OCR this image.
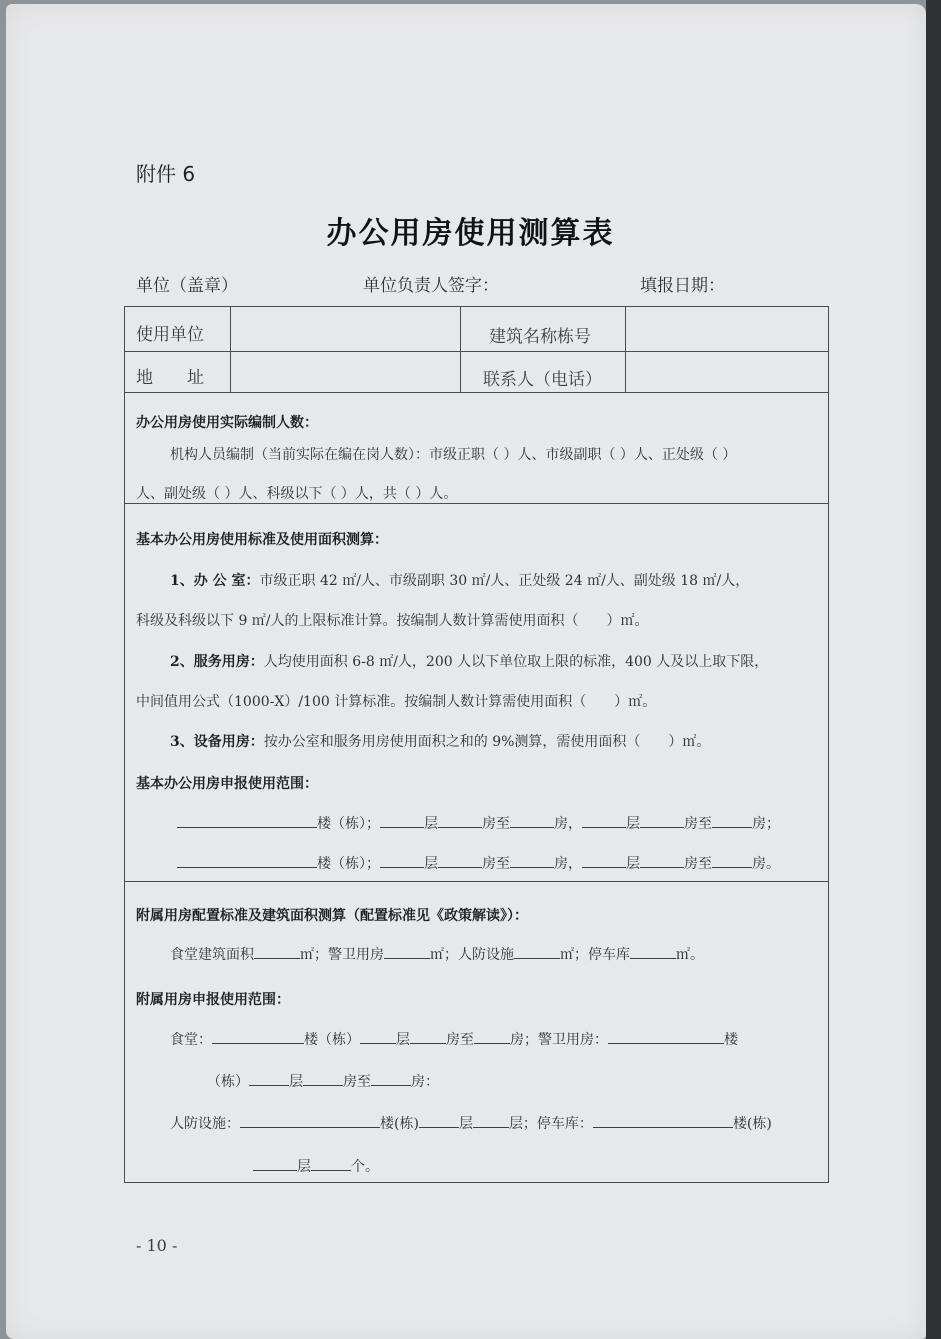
附件 6
办公用房使用测算表
单位（盖章）	单位负责人签字：	填报日期：
使用单位	建筑名称栋号
地　　址	联系人（电话）
办公用房使用实际编制人数：
机构人员编制（当前实际在编在岗人数）：市级正职（ ）人、市级副职（ ）人、正处级（ ）
人、副处级（ ）人、科级以下（ ）人，共（ ）人。
基本办公用房使用标准及使用面积测算：
1、办 公 室：市级正职 42 ㎡/人、市级副职 30 ㎡/人、正处级 24 ㎡/人、副处级 18 ㎡/人，
科级及科级以下 9 ㎡/人的上限标准计算。按编制人数计算需使用面积（　　）㎡。
2、服务用房：人均使用面积 6-8 ㎡/人，200 人以下单位取上限的标准，400 人及以上取下限，
中间值用公式（1000-X）/100 计算标准。按编制人数计算需使用面积（　　）㎡。
3、设备用房：按办公室和服务用房使用面积之和的 9%测算，需使用面积（　　）㎡。
基本办公用房申报使用范围：
楼（栋）；	层	房至	房，	层	房至	房；
楼（栋）；	层	房至	房，	层	房至	房。
附属用房配置标准及建筑面积测算（配置标准见《政策解读》）：
食堂建筑面积	㎡；警卫用房	㎡；人防设施	㎡；停车库	㎡。
附属用房申报使用范围：
食堂：	楼（栋）	层	房至	房；警卫用房：	楼
（栋）	层	房至	房：
人防设施：	楼(栋)	层	层；停车库：	楼(栋)
层	个。
- 10 -
